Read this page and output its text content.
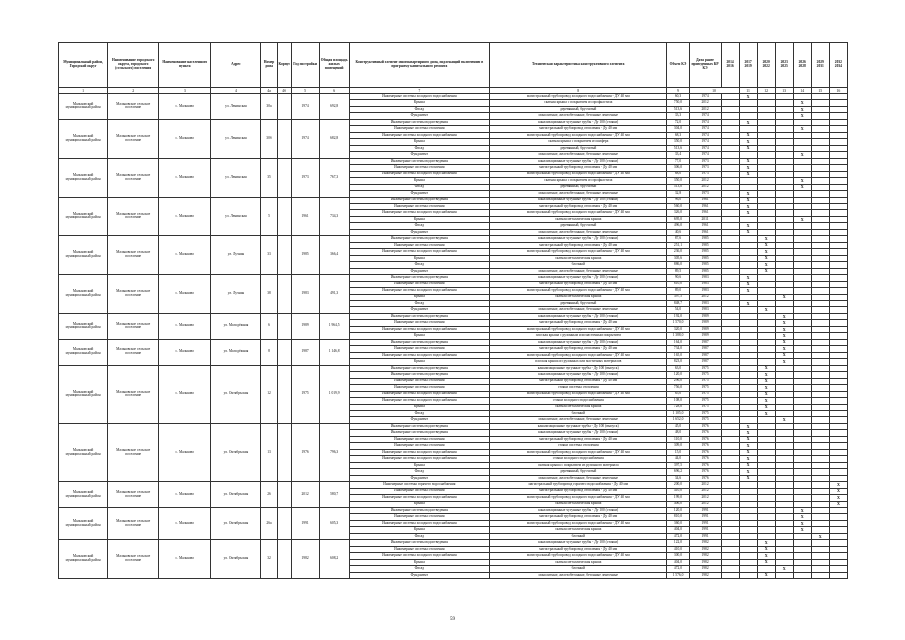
Муниципальный район, Городской округ	Наименование городского округа, городского (сельского) поселения	Наименование населенного пункта	Адрес	Номер дома	Корпус	Год постройки	Общая площадь жилых помещений	Конструктивный элемент многоквартирного дома, подлежащий включению в программу капитального ремонта	Техническая характеристика конструктивного элемента	Объем КЭ	Дата ранее проведенных КР КЭ	2014 2016	2017 2019	2020 2022	2023 2025	2026 2028	2029 2031	2032 2034
1	2	3	4	4а	4б	5	6	7	8	9	10		11	12	13	14	15	16
Мальковский муниципальный район	Мальковское сельское поселение	с. Мальково	ул. Ленинская	30а		1974	692,8	Инженерные системы холодного водоснабжения	магистральный трубопровод холодного водоснабжения - ДУ 40 мм	60,3	1974		X					
								Крыша	скатная крыша с покрытием из профнастила	750,0	2012					X		
								Фасад	деревянный, брусчатый	513,6	2012					X		
								Фундамент	монолитные, железобетонные, бетонные ленточные	33,3	1974					X		
Мальковский муниципальный район	Мальковское сельское поселение	с. Мальково	ул. Ленинская	30б		1974	682,8	Инженерные системы водоотведения	канализационные чугунные трубы - Ду 100 (стояки)	72,0	1974		X					
								Инженерные системы отопления	магистральный трубопровод отопления - Ду 40 мм	304,0	1974					X		
								Инженерные системы холодного водоснабжения	магистральный трубопровод холодного водоснабжения - ДУ 40 мм	68,3	1974		X					
								Крыша	скатная крыша с покрытием из шифера	350,0	1974		X					
								Фасад	деревянный, брусчатый	513,6	1974		X					
								Фундамент	монолитные, железобетонные, бетонные ленточные	33,4	1974					X		
Мальковский муниципальный район	Мальковское сельское поселение	с. Мальково	ул. Ленинская	35		1973	767,3	Инженерные системы водоотведения	канализационные чугунные трубы - Ду 100 (стояки)	77,0	1973		X					
								Инженерные системы отопления	магистральный трубопровод отопления - Ду 40 мм	306,0	1973		X					
								Инженерные системы холодного водоснабжения	магистральный трубопровод холодного водоснабжения - ДУ 40 мм	68,0	1973		X					
								Крыша	скатная крыша с покрытием из профнастила	350,0	2012					X		
								Фасад	деревянный, брусчатый	513,0	2012					X		
								Фундамент	монолитные, железобетонные, бетонные ленточные	32,8	1973		X					
Мальковский муниципальный район	Мальковское сельское поселение	с. Мальково	ул. Ленинская	5		1961	734,3	Инженерные системы водоотведения	канализационные чугунные трубы - Ду 100 (стояки)	96,0	1961		X					
								Инженерные системы отопления	магистральный трубопровод отопления - Ду 40 мм	560,0	1961		X					
								Инженерные системы холодного водоснабжения	магистральный трубопровод холодного водоснабжения - ДУ 40 мм	326,0	1961		X					
								Крыша	скатная металлическая крыша	695,0	2011					X		
								Фасад	деревянный, брусчатый	496,0	1961		X					
								Фундамент	монолитные, железобетонные, бетонные ленточные	40,6	1961		X					
Мальковский муниципальный район	Мальковское сельское поселение	с. Мальково	ул. Лучная	33		1985	366,4	Инженерные системы водоотведения	канализационные чугунные трубы - Ду 100 (стояки)	87,6	1985			X				
								Инженерные системы отопления	магистральный трубопровод отопления - Ду 40 мм	251,1	1985			X				
								Инженерные системы холодного водоснабжения	магистральный трубопровод холодного водоснабжения - ДУ 40 мм	236,0	1985			X				
								Крыша	скатная металлическая крыша	305,6	1985			X				
								Фасад	блочный	886,0	1985			X				
								Фундамент	монолитные, железобетонные, бетонные ленточные	89,5	1985			X				
Мальковский муниципальный район	Мальковское сельское поселение	с. Мальково	ул. Лучная	38		1983	491,3	Инженерные системы водоотведения	канализационные чугунные трубы - Ду 100 (стояки)	90,6	1983		X					
								Инженерные системы отопления	магистральный трубопровод отопления - Ду 40 мм	610,0	1983		X					
								Инженерные системы холодного водоснабжения	магистральный трубопровод холодного водоснабжения - ДУ 40 мм	89,0	1983		X					
								Крыша	скатная металлическая крыша	397,5	2012				X			
								Фасад	деревянный, брусчатый	848,7	1983		X					
								Фундамент	монолитные, железобетонные, бетонные ленточные	54,0	1983			X				
Мальковский муниципальный район	Мальковское сельское поселение	с. Мальково	ул. Молодёжная	6		1989	1 964,5	Инженерные системы водоотведения	канализационные чугунные трубы - Ду 100 (стояки)	192,0	1989				X			
								Инженерные системы отопления	магистральный трубопровод отопления - Ду 40 мм	1 570,0	1989				X			
								Инженерные системы холодного водоснабжения	магистральный трубопровод холодного водоснабжения - ДУ 40 мм	320,0	1989				X			
								Крыша	плоская крыша с рулонным или мастичным покрытием	1 388,0	1989				X			
Мальковский муниципальный район	Мальковское сельское поселение	с. Мальково	ул. Молодёжная	8		1987	1 146,8	Инженерные системы водоотведения	канализационные чугунные трубы - Ду 100 (стояки)	164,0	1987				X			
								Инженерные системы отопления	магистральный трубопровод отопления - Ду 40 мм	734,0	1987				X			
								Инженерные системы холодного водоснабжения	магистральный трубопровод холодного водоснабжения - ДУ 40 мм	165,0	1987				X			
								Крыша	плоская крыша из рулонных или мастичных материалов	823,0	1987				X			
Мальковский муниципальный район	Мальковское сельское поселение	с. Мальково	ул. Октябрьская	12		1975	1 019,9	Инженерные системы водоотведения	канализационные чугунные трубы - Ду 100 (выпуск)	63,0	1975			X				
								Инженерные системы водоотведения	канализационные чугунные трубы - Ду 100 (стояки)	120,0	1975			X				
								Инженерные системы отопления	магистральный трубопровод отопления - Ду 40 мм	296,0	1975			X				
								Инженерные системы отопления	стояки системы отопления	756,0	1975			X				
								Инженерные системы холодного водоснабжения	магистральный трубопровод холодного водоснабжения - ДУ 40 мм	65,0	1975			X				
								Инженерные системы холодного водоснабжения	стояки холодного водоснабжения	108,0	1975			X				
								Крыша	скатная металлическая крыша	728,0	1975			X				
								Фасад	блочный	1 105,0	1975			X				
								Фундамент	монолитные, железобетонные, бетонные ленточные	1 652,0	1975				X			
Мальковский муниципальный район	Мальковское сельское поселение	с. Мальково	ул. Октябрьская	13		1976	796,3	Инженерные системы водоотведения	канализационные чугунные трубы - Ду 100 (выпуск)	45,0	1976		X					
								Инженерные системы водоотведения	канализационные чугунные трубы - Ду 100 (стояки)	48,0	1976		X					
								Инженерные системы отопления	магистральный трубопровод отопления - Ду 40 мм	110,0	1976		X					
								Инженерные системы отопления	стояки системы отопления	309,0	1976		X					
								Инженерные системы холодного водоснабжения	магистральный трубопровод холодного водоснабжения - ДУ 40 мм	15,0	1976		X					
								Инженерные системы холодного водоснабжения	стояки холодного водоснабжения	44,0	1976		X					
								Крыша	скатная крыша с покрытием из рулонного материала	397,5	1976		X					
								Фасад	деревянный, брусчатый	696,2	1976		X					
								Фундамент	монолитные, железобетонные, бетонные ленточные	34,6	1976		X					
Мальковский муниципальный район	Мальковское сельское поселение	с. Мальково	ул. Октябрьская	26		2012	580,7	Инженерные системы горячего водоснабжения	магистральный трубопровод горячего водоснабжения - Ду 40 мм	200,0	2012							X
								Инженерные системы отопления	магистральный трубопровод отопления - Ду 40 мм	410,0	2012							X
								Инженерные системы холодного водоснабжения	магистральный трубопровод холодного водоснабжения - ДУ 40 мм	199,0	2012							X
								Крыша	скатная металлическая крыша	406,0	2012							X
Мальковский муниципальный район	Мальковское сельское поселение	с. Мальково	ул. Октябрьская	26а		1991	605,3	Инженерные системы водоотведения	канализационные чугунные трубы - Ду 100 (стояки)	120,0	1991					X		
								Инженерные системы отопления	магистральный трубопровод отопления - Ду 40 мм	810,0	1991					X		
								Инженерные системы холодного водоснабжения	магистральный трубопровод холодного водоснабжения - ДУ 40 мм	360,0	1991					X		
								Крыша	скатная металлическая крыша	404,0	1991					X		
								Фасад	блочный	472,0	1991						X	
Мальковский муниципальный район	Мальковское сельское поселение	с. Мальково	ул. Октябрьская	32		1982	608,2	Инженерные системы водоотведения	канализационные чугунные трубы - Ду 100 (стояки)	122,0	1982			X				
								Инженерные системы отопления	магистральный трубопровод отопления - Ду 40 мм	410,0	1982			X				
								Инженерные системы холодного водоснабжения	магистральный трубопровод холодного водоснабжения - ДУ 40 мм	300,0	1982			X				
								Крыша	скатная металлическая крыша	404,0	1982			X				
								Фасад	блочный	472,0	1982				X			
								Фундамент	монолитные, железобетонные, бетонные ленточные	1 576,0	1982			X				
59
